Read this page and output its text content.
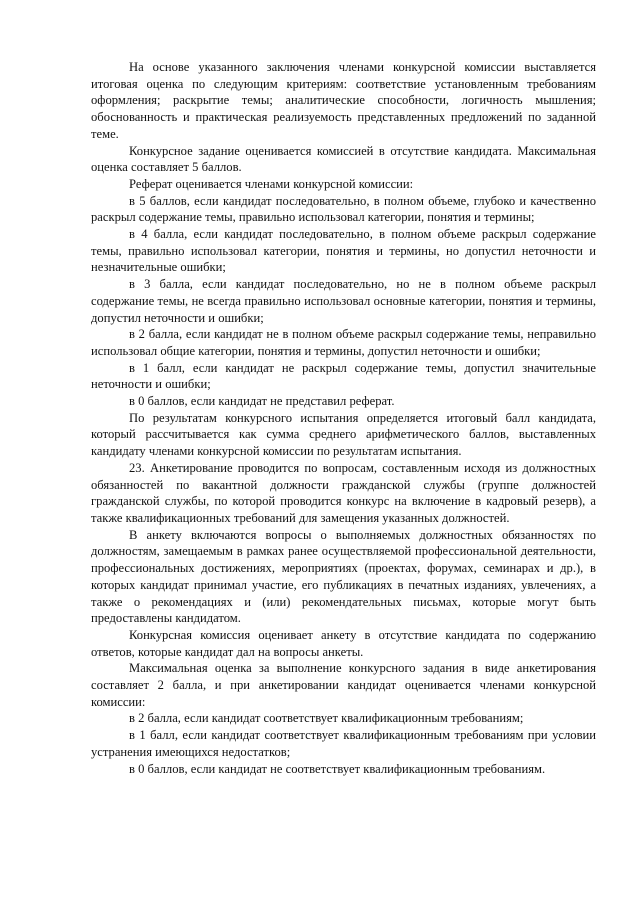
На основе указанного заключения членами конкурсной комиссии выставляется итоговая оценка по следующим критериям: соответствие установленным требованиям оформления; раскрытие темы; аналитические способности, логичность мышления; обоснованность и практическая реализуемость представленных предложений по заданной теме.

Конкурсное задание оценивается комиссией в отсутствие кандидата. Максимальная оценка составляет 5 баллов.

Реферат оценивается членами конкурсной комиссии:

в 5 баллов, если кандидат последовательно, в полном объеме, глубоко и качественно раскрыл содержание темы, правильно использовал категории, понятия и термины;

в 4 балла, если кандидат последовательно, в полном объеме раскрыл содержание темы, правильно использовал категории, понятия и термины, но допустил неточности и незначительные ошибки;

в 3 балла, если кандидат последовательно, но не в полном объеме раскрыл содержание темы, не всегда правильно использовал основные категории, понятия и термины, допустил неточности и ошибки;

в 2 балла, если кандидат не в полном объеме раскрыл содержание темы, неправильно использовал общие категории, понятия и термины, допустил неточности и ошибки;

в 1 балл, если кандидат не раскрыл содержание темы, допустил значительные неточности и ошибки;

в 0 баллов, если кандидат не представил реферат.

По результатам конкурсного испытания определяется итоговый балл кандидата, который рассчитывается как сумма среднего арифметического баллов, выставленных кандидату членами конкурсной комиссии по результатам испытания.

23. Анкетирование проводится по вопросам, составленным исходя из должностных обязанностей по вакантной должности гражданской службы (группе должностей гражданской службы, по которой проводится конкурс на включение в кадровый резерв), а также квалификационных требований для замещения указанных должностей.

В анкету включаются вопросы о выполняемых должностных обязанностях по должностям, замещаемым в рамках ранее осуществляемой профессиональной деятельности, профессиональных достижениях, мероприятиях (проектах, форумах, семинарах и др.), в которых кандидат принимал участие, его публикациях в печатных изданиях, увлечениях, а также о рекомендациях и (или) рекомендательных письмах, которые могут быть предоставлены кандидатом.

Конкурсная комиссия оценивает анкету в отсутствие кандидата по содержанию ответов, которые кандидат дал на вопросы анкеты.

Максимальная оценка за выполнение конкурсного задания в виде анкетирования составляет 2 балла, и при анкетировании кандидат оценивается членами конкурсной комиссии:

в 2 балла, если кандидат соответствует квалификационным требованиям;

в 1 балл, если кандидат соответствует квалификационным требованиям при условии устранения имеющихся недостатков;

в 0 баллов, если кандидат не соответствует квалификационным требованиям.
